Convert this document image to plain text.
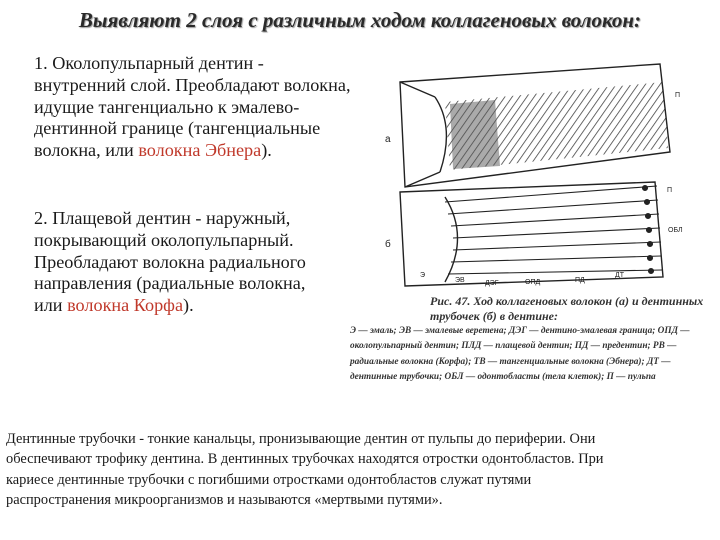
Выявляют 2 слоя с различным ходом коллагеновых волокон:
1. Околопульпарный дентин - внутренний слой. Преобладают волокна, идущие тангенциально к эмалево-дентинной границе (тангенциальные волокна, или волокна Эбнера).
2. Плащевой дентин - наружный, покрывающий околопульпарный. Преобладают волокна радиального направления (радиальные волокна, или волокна Корфа).
а
б
П
П
ОБЛ
ДТ
ПД
ОПД
ДЭГ
ЭВ
Э
Рис. 47. Ход коллагеновых волокон (а) и дентинных трубочек (б) в дентине:
Э — эмаль; ЭВ — эмалевые веретена; ДЭГ — дентино-эмалевая граница; ОПД — околопульпарный дентин; ПЛД — плащевой дентин; ПД — предентин; РВ — радиальные волокна (Корфа); ТВ — тангенциальные волокна (Эбнера); ДТ — дентинные трубочки; ОБЛ — одонтобласты (тела клеток); П — пульпа
Дентинные трубочки - тонкие канальцы, пронизывающие дентин от пульпы до периферии. Они обеспечивают трофику дентина. В дентинных трубочках находятся отростки одонтобластов. При кариесе дентинные трубочки с погибшими отростками одонтобластов служат путями распространения микроорганизмов и называются «мертвыми путями».
